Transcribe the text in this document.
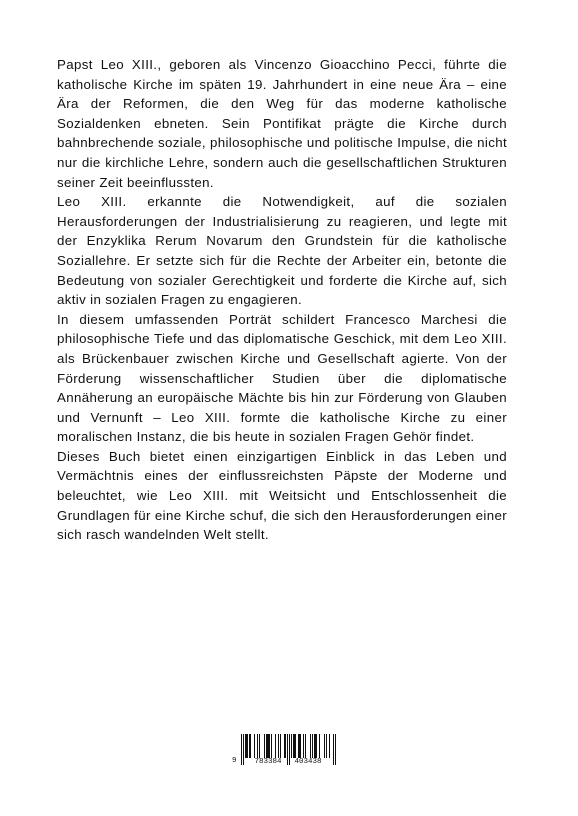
Papst Leo XIII., geboren als Vincenzo Gioacchino Pecci, führte die katholische Kirche im späten 19. Jahrhundert in eine neue Ära – eine Ära der Reformen, die den Weg für das moderne katholische Sozialdenken ebneten. Sein Pontifikat prägte die Kirche durch bahnbrechende soziale, philosophische und politische Impulse, die nicht nur die kirchliche Lehre, sondern auch die gesellschaftlichen Strukturen seiner Zeit beeinflussten.

Leo XIII. erkannte die Notwendigkeit, auf die sozialen Herausforderungen der Industrialisierung zu reagieren, und legte mit der Enzyklika Rerum Novarum den Grundstein für die katholische Soziallehre. Er setzte sich für die Rechte der Arbeiter ein, betonte die Bedeutung von sozialer Gerechtigkeit und forderte die Kirche auf, sich aktiv in sozialen Fragen zu engagieren.

In diesem umfassenden Porträt schildert Francesco Marchesi die philosophische Tiefe und das diplomatische Geschick, mit dem Leo XIII. als Brückenbauer zwischen Kirche und Gesellschaft agierte. Von der Förderung wissenschaftlicher Studien über die diplomatische Annäherung an europäische Mächte bis hin zur Förderung von Glauben und Vernunft – Leo XIII. formte die katholische Kirche zu einer moralischen Instanz, die bis heute in sozialen Fragen Gehör findet.

Dieses Buch bietet einen einzigartigen Einblick in das Leben und Vermächtnis eines der einflussreichsten Päpste der Moderne und beleuchtet, wie Leo XIII. mit Weitsicht und Entschlossenheit die Grundlagen für eine Kirche schuf, die sich den Herausforderungen einer sich rasch wandelnden Welt stellt.

9	783384	403438
